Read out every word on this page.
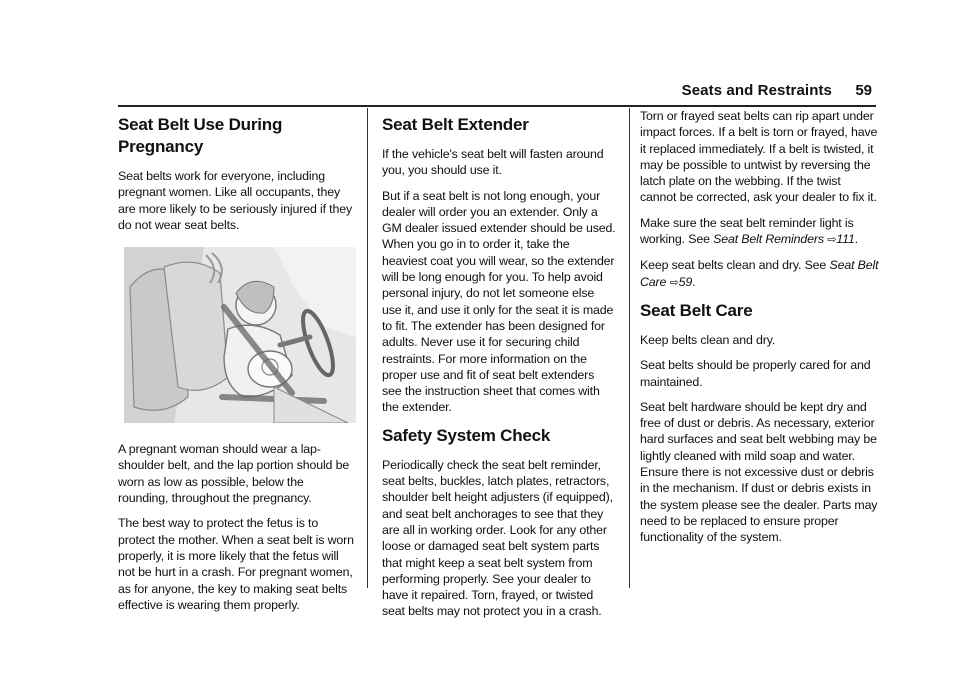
Seats and Restraints 59
Seat Belt Use During Pregnancy

Seat belts work for everyone, including pregnant women. Like all occupants, they are more likely to be seriously injured if they do not wear seat belts.

A pregnant woman should wear a lap-shoulder belt, and the lap portion should be worn as low as possible, below the rounding, throughout the pregnancy.

The best way to protect the fetus is to protect the mother. When a seat belt is worn properly, it is more likely that the fetus will not be hurt in a crash. For pregnant women, as for anyone, the key to making seat belts effective is wearing them properly.

Seat Belt Extender

If the vehicle's seat belt will fasten around you, you should use it.

But if a seat belt is not long enough, your dealer will order you an extender. Only a GM dealer issued extender should be used. When you go in to order it, take the heaviest coat you will wear, so the extender will be long enough for you. To help avoid personal injury, do not let someone else use it, and use it only for the seat it is made to fit. The extender has been designed for adults. Never use it for securing child restraints. For more information on the proper use and fit of seat belt extenders see the instruction sheet that comes with the extender.

Safety System Check

Periodically check the seat belt reminder, seat belts, buckles, latch plates, retractors, shoulder belt height adjusters (if equipped), and seat belt anchorages to see that they are all in working order. Look for any other loose or damaged seat belt system parts that might keep a seat belt system from performing properly. See your dealer to have it repaired. Torn, frayed, or twisted seat belts may not protect you in a crash.

Torn or frayed seat belts can rip apart under impact forces. If a belt is torn or frayed, have it replaced immediately. If a belt is twisted, it may be possible to untwist by reversing the latch plate on the webbing. If the twist cannot be corrected, ask your dealer to fix it.

Make sure the seat belt reminder light is working. See Seat Belt Reminders ⇨111.

Keep seat belts clean and dry. See Seat Belt Care ⇨59.

Seat Belt Care

Keep belts clean and dry.

Seat belts should be properly cared for and maintained.

Seat belt hardware should be kept dry and free of dust or debris. As necessary, exterior hard surfaces and seat belt webbing may be lightly cleaned with mild soap and water. Ensure there is not excessive dust or debris in the mechanism. If dust or debris exists in the system please see the dealer. Parts may need to be replaced to ensure proper functionality of the system.
